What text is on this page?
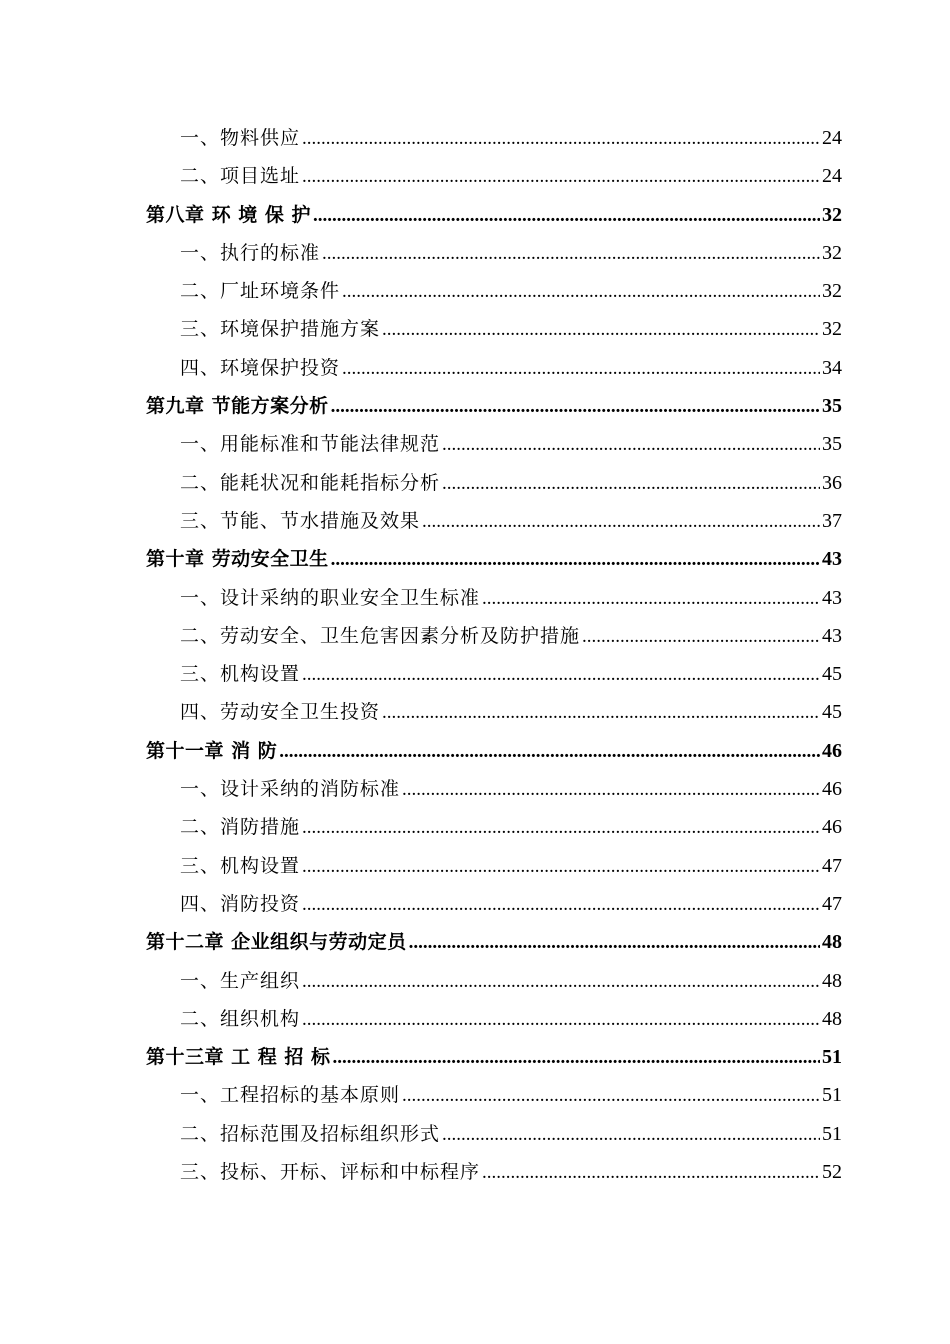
一、物料供应 .....	24
二、项目选址 .....	24
第八章 环 境 保 护 .....	32
一、执行的标准 .....	32
二、厂址环境条件 .....	32
三、环境保护措施方案 .....	32
四、环境保护投资 .....	34
第九章 节能方案分析 .....	35
一、用能标准和节能法律规范 .....	35
二、能耗状况和能耗指标分析 .....	36
三、节能、节水措施及效果 .....	37
第十章 劳动安全卫生 .....	43
一、设计采纳的职业安全卫生标准 .....	43
二、劳动安全、卫生危害因素分析及防护措施 .....	43
三、机构设置 .....	45
四、劳动安全卫生投资 .....	45
第十一章 消 防 .....	46
一、设计采纳的消防标准 .....	46
二、消防措施 .....	46
三、机构设置 .....	47
四、消防投资 .....	47
第十二章 企业组织与劳动定员 .....	48
一、生产组织 .....	48
二、组织机构 .....	48
第十三章 工 程 招 标 .....	51
一、工程招标的基本原则 .....	51
二、招标范围及招标组织形式 .....	51
三、投标、开标、评标和中标程序 .....	52
